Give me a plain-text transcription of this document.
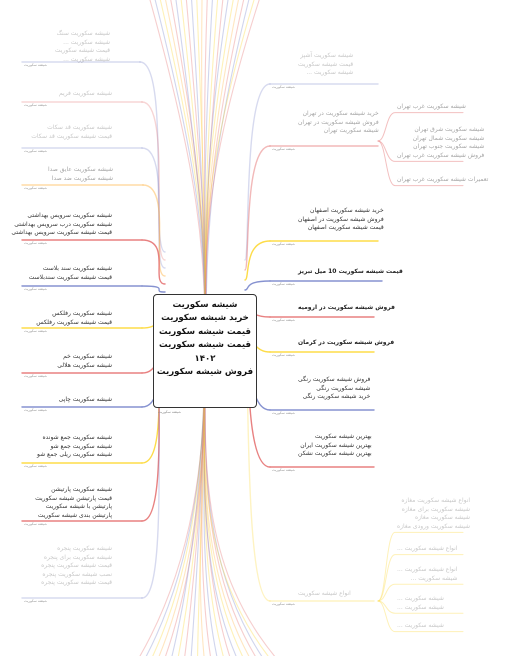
شیشه سکوریت سنگ
شیشه سکوریت ...
قیمت شیشه سکوریت
شیشه سکوریت ...
شیشه سکوریت
شیشه سکوریت فریم
شیشه سکوریت
شیشه سکوریت قد سکات
قیمت شیشه سکوریت قد سکات
شیشه سکوریت
شیشه سکوریت عایق صدا
شیشه سکوریت ضد صدا
شیشه سکوریت
شیشه سکوریت سرویس بهداشتی
شیشه سکوریت درب سرویس بهداشتی
قیمت شیشه سکوریت سرویس بهداشتی
شیشه سکوریت
شیشه سکوریت سند بلاست
قیمت شیشه سکوریت سندبلاست
شیشه سکوریت
شیشه سکوریت رفلکس
قیمت شیشه سکوریت رفلکس
شیشه سکوریت
شیشه سکوریت خم
شیشه سکوریت هلالی
شیشه سکوریت
شیشه سکوریت چاپی
شیشه سکوریت
شیشه سکوریت جمع شونده
شیشه سکوریت جمع شو
شیشه سکوریت ریلی جمع شو
شیشه سکوریت
شیشه سکوریت پارتیشن
قیمت پارتیشن شیشه سکوریت
پارتیشن با شیشه سکوریت
پارتیشن بندی شیشه سکوریت
شیشه سکوریت
شیشه سکوریت پنجره
شیشه سکوریت برای پنجره
قیمت شیشه سکوریت پنجره
نصب شیشه سکوریت پنجره
قیمت شیشه سکوریت پنجره
شیشه سکوریت
شیشه سکوریت آشپز
قیمت شیشه سکوریت
شیشه سکوریت ...
شیشه سکوریت
خرید شیشه سکوریت در تهران
فروش شیشه سکوریت در تهران
شیشه سکوریت تهران
شیشه سکوریت
خرید شیشه سکوریت اصفهان
فروش شیشه سکوریت در اصفهان
قیمت شیشه سکوریت اصفهان
شیشه سکوریت
قیمت شیشه سکوریت 10 میل تبریز
شیشه سکوریت
فروش شیشه سکوریت در ارومیه
شیشه سکوریت
فروش شیشه سکوریت در کرمان
شیشه سکوریت
فروش شیشه سکوریت رنگی
شیشه سکوریت رنگی
خرید شیشه سکوریت رنگی
شیشه سکوریت
بهترین شیشه سکوریت
بهترین شیشه سکوریت ایران
بهترین شیشه سکوریت نشکن
شیشه سکوریت
انواع شیشه سکوریت
شیشه سکوریت
شیشه سکوریت غرب تهران
شیشه سکوریت شرق تهران
شیشه سکوریت شمال تهران
شیشه سکوریت جنوب تهران
فروش شیشه سکوریت غرب تهران
تعمیرات شیشه سکوریت غرب تهران
انواع شیشه سکوریت مغازه
شیشه سکوریت برای مغازه
شیشه سکوریت مغازه
شیشه سکوریت ورودی مغازه
انواع شیشه سکوریت ...
انواع شیشه سکوریت ...
شیشه سکوریت ...
شیشه سکوریت ...
شیشه سکوریت ...
شیشه سکوریت ...
شیشه سکوریت
خرید شیشه سکوریت
قیمت شیشه سکوریت
قیمت شیشه سکوریت
۱۴۰۲
فروش شیشه سکوریت
شیشه سکوریت
